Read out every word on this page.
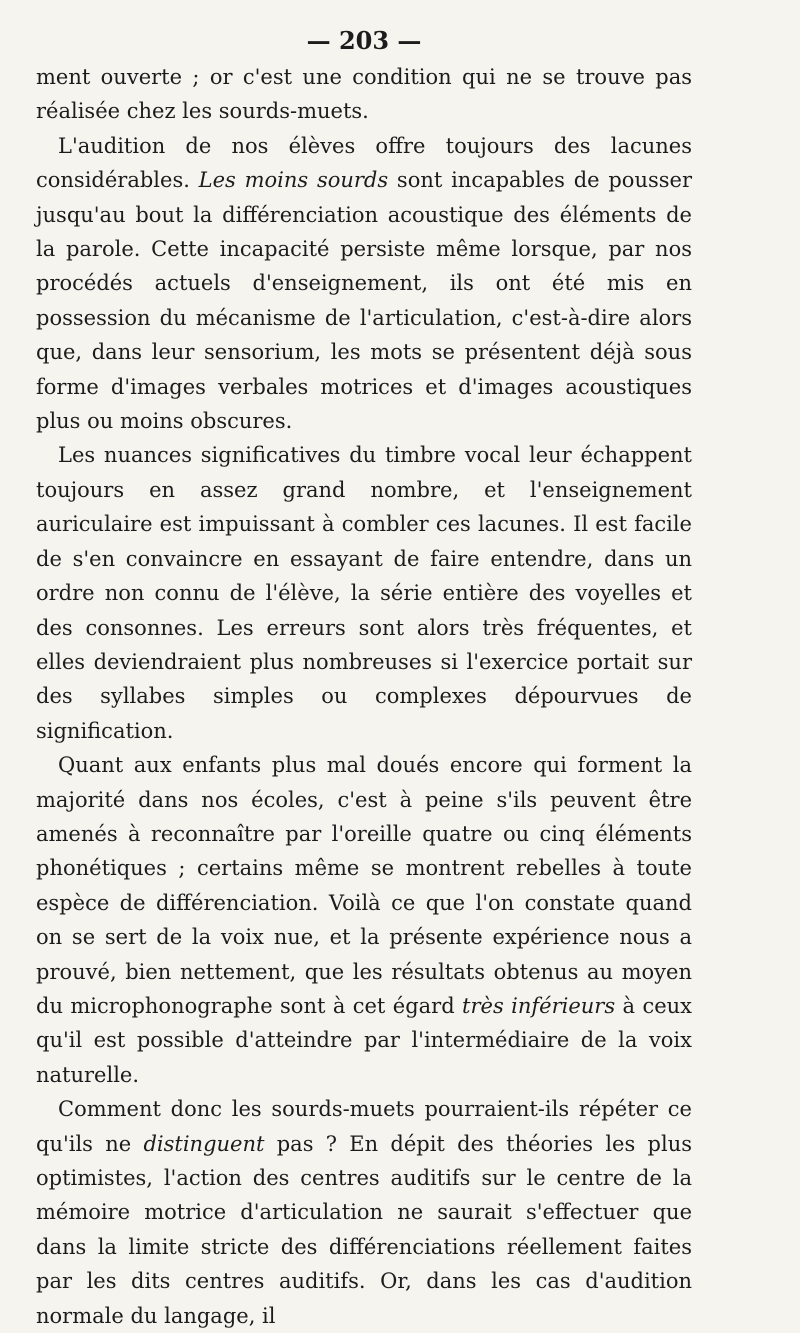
— 203 —

ment ouverte ; or c'est une condition qui ne se trouve pas réalisée chez les sourds-muets.

L'audition de nos élèves offre toujours des lacunes considérables. Les moins sourds sont incapables de pousser jusqu'au bout la différenciation acoustique des éléments de la parole. Cette incapacité persiste même lorsque, par nos procédés actuels d'enseignement, ils ont été mis en possession du mécanisme de l'articulation, c'est-à-dire alors que, dans leur sensorium, les mots se présentent déjà sous forme d'images verbales motrices et d'images acoustiques plus ou moins obscures.

Les nuances significatives du timbre vocal leur échappent toujours en assez grand nombre, et l'enseignement auriculaire est impuissant à combler ces lacunes. Il est facile de s'en convaincre en essayant de faire entendre, dans un ordre non connu de l'élève, la série entière des voyelles et des consonnes. Les erreurs sont alors très fréquentes, et elles deviendraient plus nombreuses si l'exercice portait sur des syllabes simples ou complexes dépourvues de signification.

Quant aux enfants plus mal doués encore qui forment la majorité dans nos écoles, c'est à peine s'ils peuvent être amenés à reconnaître par l'oreille quatre ou cinq éléments phonétiques ; certains même se montrent rebelles à toute espèce de différenciation. Voilà ce que l'on constate quand on se sert de la voix nue, et la présente expérience nous a prouvé, bien nettement, que les résultats obtenus au moyen du microphonographe sont à cet égard très inférieurs à ceux qu'il est possible d'atteindre par l'intermédiaire de la voix naturelle.

Comment donc les sourds-muets pourraient-ils répéter ce qu'ils ne distinguent pas ? En dépit des théories les plus optimistes, l'action des centres auditifs sur le centre de la mémoire motrice d'articulation ne saurait s'effectuer que dans la limite stricte des différenciations réellement faites par les dits centres auditifs. Or, dans les cas d'audition normale du langage, il
